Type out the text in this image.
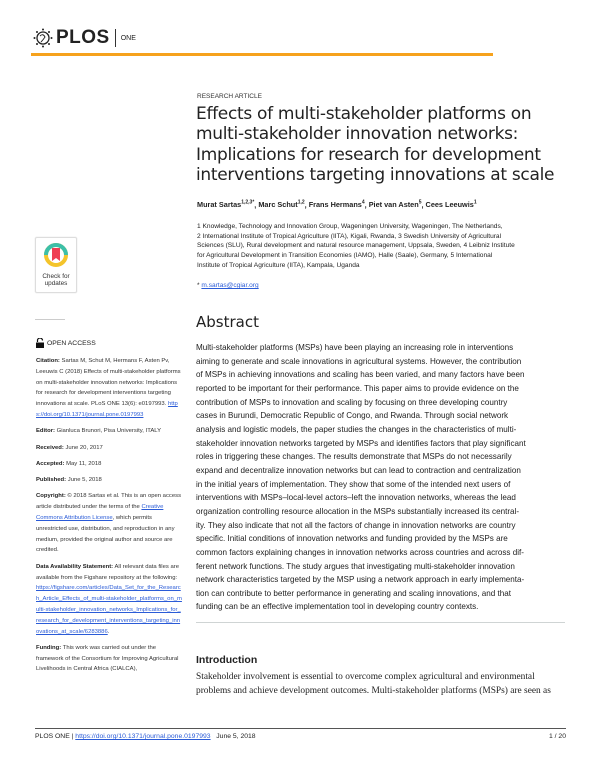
PLOS ONE
RESEARCH ARTICLE
Effects of multi-stakeholder platforms on
multi-stakeholder innovation networks:
Implications for research for development
interventions targeting innovations at scale
Murat Sartas$^{1,2,3*}$, Marc Schut$^{1,2}$, Frans Hermans$^4$, Piet van Asten$^5$, Cees Leeuwis$^1$
1 Knowledge, Technology and Innovation Group, Wageningen University, Wageningen, The Netherlands,
2 International Institute of Tropical Agriculture (IITA), Kigali, Rwanda, 3 Swedish University of Agricultural
Sciences (SLU), Rural development and natural resource management, Uppsala, Sweden, 4 Leibniz Institute
for Agricultural Development in Transition Economies (IAMO), Halle (Saale), Germany, 5 International
Institute of Tropical Agriculture (IITA), Kampala, Uganda
* m.sartas@cgiar.org
Abstract
Multi-stakeholder platforms (MSPs) have been playing an increasing role in interventions
aiming to generate and scale innovations in agricultural systems. However, the contribution
of MSPs in achieving innovations and scaling has been varied, and many factors have been
reported to be important for their performance. This paper aims to provide evidence on the
contribution of MSPs to innovation and scaling by focusing on three developing country
cases in Burundi, Democratic Republic of Congo, and Rwanda. Through social network
analysis and logistic models, the paper studies the changes in the characteristics of multi-
stakeholder innovation networks targeted by MSPs and identifies factors that play significant
roles in triggering these changes. The results demonstrate that MSPs do not necessarily
expand and decentralize innovation networks but can lead to contraction and centralization
in the initial years of implementation. They show that some of the intended next users of
interventions with MSPs–local-level actors–left the innovation networks, whereas the lead
organization controlling resource allocation in the MSPs substantially increased its central-
ity. They also indicate that not all the factors of change in innovation networks are country
specific. Initial conditions of innovation networks and funding provided by the MSPs are
common factors explaining changes in innovation networks across countries and across dif-
ferent network functions. The study argues that investigating multi-stakeholder innovation
network characteristics targeted by the MSP using a network approach in early implementa-
tion can contribute to better performance in generating and scaling innovations, and that
funding can be an effective implementation tool in developing country contexts.
Introduction
Stakeholder involvement is essential to overcome complex agricultural and environmental
problems and achieve development outcomes. Multi-stakeholder platforms (MSPs) are seen as
Check for
updates
OPEN ACCESS
Citation: Sartas M, Schut M, Hermans F, Asten Pv, Leeuwis C (2018) Effects of multi-stakeholder platforms on multi-stakeholder innovation networks: Implications for research for development interventions targeting innovations at scale. PLoS ONE 13(6): e0197993. https://doi.org/10.1371/journal.pone.0197993
Editor: Gianluca Brunori, Pisa University, ITALY
Received: June 20, 2017
Accepted: May 11, 2018
Published: June 5, 2018
Copyright: © 2018 Sartas et al. This is an open access article distributed under the terms of the Creative Commons Attribution License, which permits unrestricted use, distribution, and reproduction in any medium, provided the original author and source are credited.
Data Availability Statement: All relevant data files are available from the Figshare repository at the following: https://figshare.com/articles/Data_Set_for_the_Research_Article_Effects_of_multi-stakeholder_platforms_on_multi-stakeholder_innovation_networks_Implications_for_research_for_development_interventions_targeting_innovations_at_scale/6283886.
Funding: This work was carried out under the framework of the Consortium for Improving Agricultural Livelihoods in Central Africa (CIALCA),
PLOS ONE |
https://doi.org/10.1371/journal.pone.0197993
June 5, 2018	1 / 20
